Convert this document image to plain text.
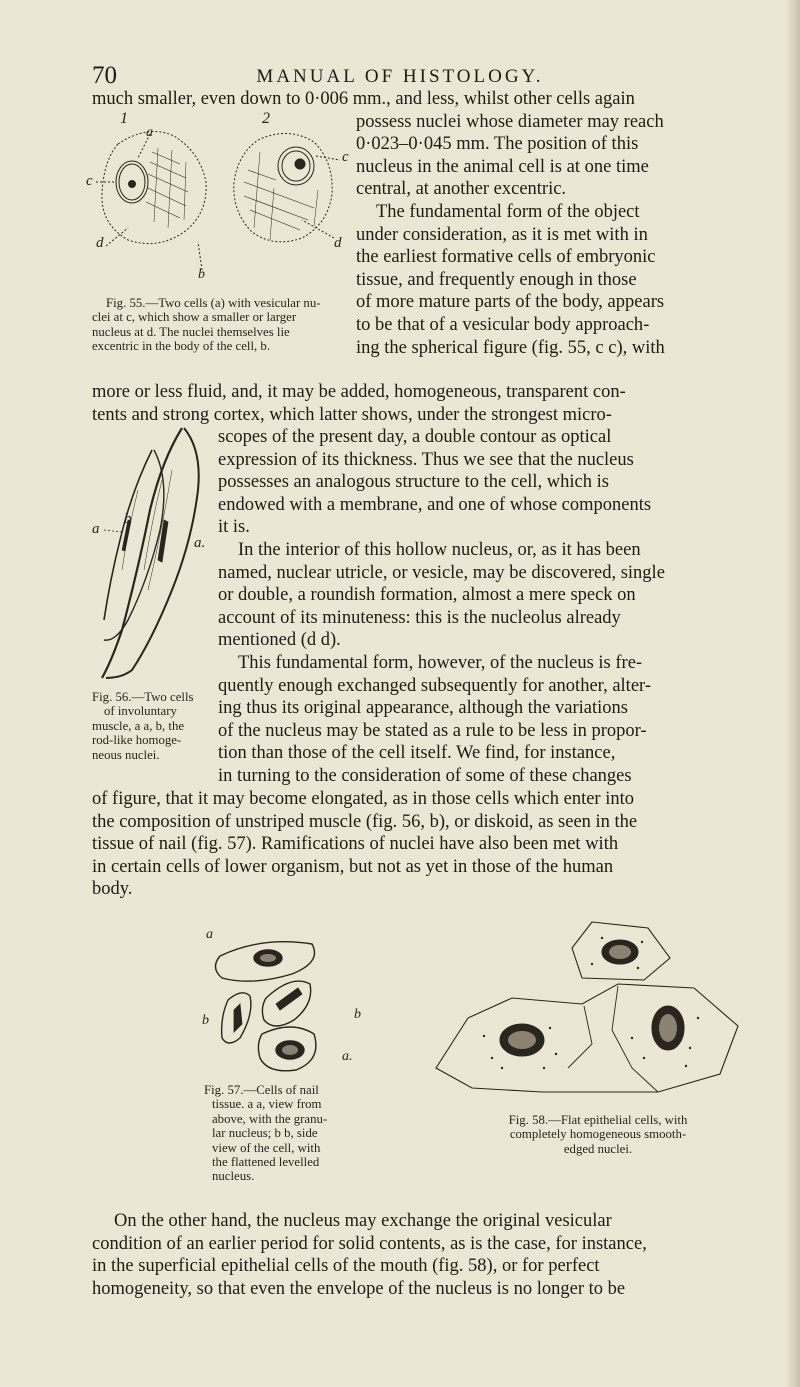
70	MANUAL OF HISTOLOGY.
much smaller, even down to 0·006 mm., and less, whilst other cells again
possess nuclei whose diameter may reach
0·023–0·045 mm. The position of this
nucleus in the animal cell is at one time
central, at another excentric.
The fundamental form of the object
under consideration, as it is met with in
the earliest formative cells of embryonic
tissue, and frequently enough in those
of more mature parts of the body, appears
to be that of a vesicular body approach-
ing the spherical figure (fig. 55, c c), with
more or less fluid, and, it may be added, homogeneous, transparent con-
tents and strong cortex, which latter shows, under the strongest micro-
scopes of the present day, a double contour as optical
expression of its thickness. Thus we see that the nucleus
possesses an analogous structure to the cell, which is
endowed with a membrane, and one of whose components
it is.
In the interior of this hollow nucleus, or, as it has been
named, nuclear utricle, or vesicle, may be discovered, single
or double, a roundish formation, almost a mere speck on
account of its minuteness: this is the nucleolus already
mentioned (d d).
This fundamental form, however, of the nucleus is fre-
quently enough exchanged subsequently for another, alter-
ing thus its original appearance, although the variations
of the nucleus may be stated as a rule to be less in propor-
tion than those of the cell itself. We find, for instance,
in turning to the consideration of some of these changes
of figure, that it may become elongated, as in those cells which enter into
the composition of unstriped muscle (fig. 56, b), or diskoid, as seen in the
tissue of nail (fig. 57). Ramifications of nuclei have also been met with
in certain cells of lower organism, but not as yet in those of the human
body.
On the other hand, the nucleus may exchange the original vesicular
condition of an earlier period for solid contents, as is the case, for instance,
in the superficial epithelial cells of the mouth (fig. 58), or for perfect
homogeneity, so that even the envelope of the nucleus is no longer to be
1	2
a
c
c
d	d
b
Fig. 55.—Two cells (a) with vesicular nu-
clei at c, which show a smaller or larger
nucleus at d. The nuclei themselves lie
excentric in the body of the cell, b.
a
b
a.
Fig. 56.—Two cells
of involuntary
muscle, a a, b, the
rod-like homoge-
neous nuclei.
a
b	b
a.
Fig. 57.—Cells of nail
tissue. a a, view from
above, with the granu-
lar nucleus; b b, side
view of the cell, with
the flattened levelled
nucleus.
Fig. 58.—Flat epithelial cells, with
completely homogeneous smooth-
edged nuclei.
